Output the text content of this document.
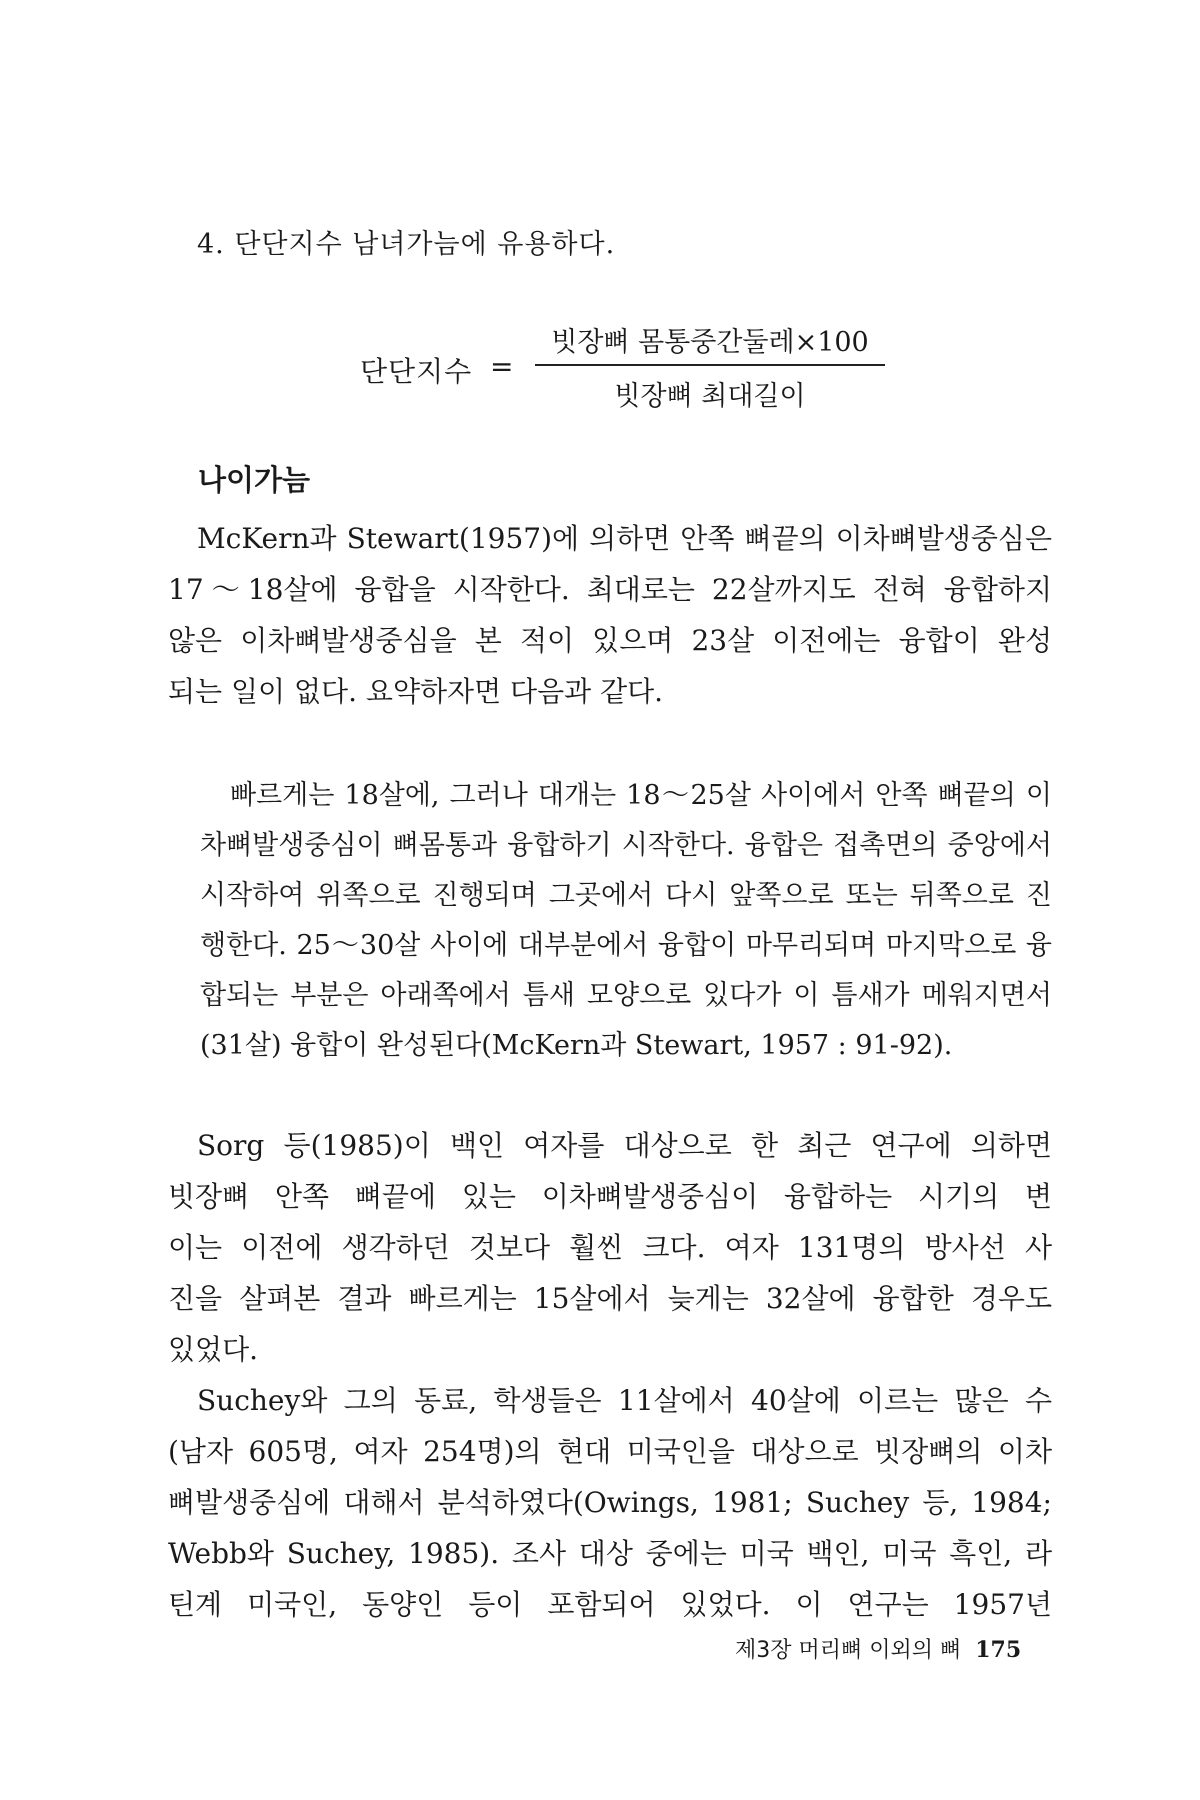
4. 단단지수 남녀가늠에 유용하다.
단단지수 =
빗장뼈 몸통중간둘레×100
빗장뼈 최대길이
나이가늠
McKern과 Stewart(1957)에 의하면 안쪽 뼈끝의 이차뼈발생중심은
17～18살에 융합을 시작한다. 최대로는 22살까지도 전혀 융합하지
않은 이차뼈발생중심을 본 적이 있으며 23살 이전에는 융합이 완성
되는 일이 없다. 요약하자면 다음과 같다.
빠르게는 18살에, 그러나 대개는 18～25살 사이에서 안쪽 뼈끝의 이
차뼈발생중심이 뼈몸통과 융합하기 시작한다. 융합은 접촉면의 중앙에서
시작하여 위쪽으로 진행되며 그곳에서 다시 앞쪽으로 또는 뒤쪽으로 진
행한다. 25～30살 사이에 대부분에서 융합이 마무리되며 마지막으로 융
합되는 부분은 아래쪽에서 틈새 모양으로 있다가 이 틈새가 메워지면서
(31살) 융합이 완성된다(McKern과 Stewart, 1957 : 91-92).
Sorg 등(1985)이 백인 여자를 대상으로 한 최근 연구에 의하면
빗장뼈 안쪽 뼈끝에 있는 이차뼈발생중심이 융합하는 시기의 변
이는 이전에 생각하던 것보다 훨씬 크다. 여자 131명의 방사선 사
진을 살펴본 결과 빠르게는 15살에서 늦게는 32살에 융합한 경우도
있었다.
Suchey와 그의 동료, 학생들은 11살에서 40살에 이르는 많은 수
(남자 605명, 여자 254명)의 현대 미국인을 대상으로 빗장뼈의 이차
뼈발생중심에 대해서 분석하였다(Owings, 1981; Suchey 등, 1984;
Webb와 Suchey, 1985). 조사 대상 중에는 미국 백인, 미국 흑인, 라
틴계 미국인, 동양인 등이 포함되어 있었다. 이 연구는 1957년
제3장 머리뼈 이외의 뼈 175
